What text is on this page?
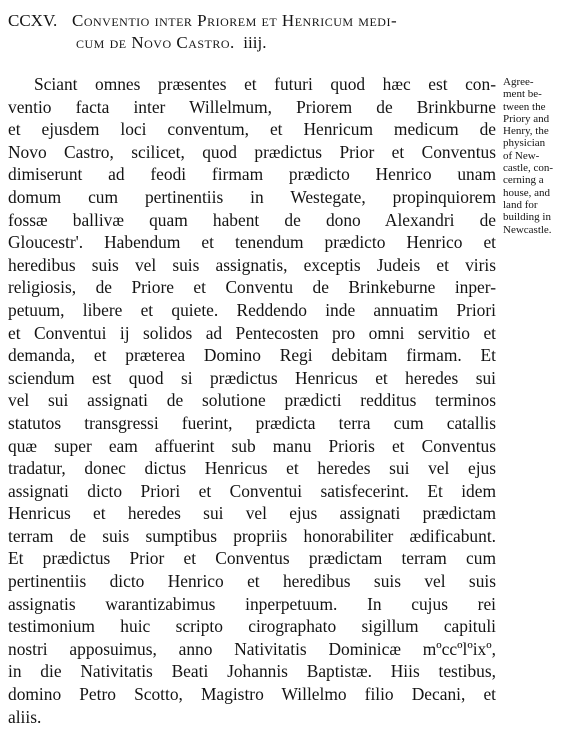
CCXV. Conventio inter Priorem et Henricum medi-
cum de Novo Castro. iiij.
Sciant omnes præsentes et futuri quod hæc est con-
ventio facta inter Willelmum, Priorem de Brinkburne
et ejusdem loci conventum, et Henricum medicum de
Novo Castro, scilicet, quod prædictus Prior et Conventus
dimiserunt ad feodi firmam prædicto Henrico unam
domum cum pertinentiis in Westegate, propinquiorem
fossæ ballivæ quam habent de dono Alexandri de
Gloucestr'. Habendum et tenendum prædicto Henrico et
heredibus suis vel suis assignatis, exceptis Judeis et viris
religiosis, de Priore et Conventu de Brinkeburne inper-
petuum, libere et quiete. Reddendo inde annuatim Priori
et Conventui ij solidos ad Pentecosten pro omni servitio et
demanda, et præterea Domino Regi debitam firmam. Et
sciendum est quod si prædictus Henricus et heredes sui
vel sui assignati de solutione prædicti redditus terminos
statutos transgressi fuerint, prædicta terra cum catallis
quæ super eam affuerint sub manu Prioris et Conventus
tradatur, donec dictus Henricus et heredes sui vel ejus
assignati dicto Priori et Conventui satisfecerint. Et idem
Henricus et heredes sui vel ejus assignati prædictam
terram de suis sumptibus propriis honorabiliter ædificabunt.
Et prædictus Prior et Conventus prædictam terram cum
pertinentiis dicto Henrico et heredibus suis vel suis
assignatis warantizabimus inperpetuum. In cujus rei
testimonium huic scripto cirographato sigillum capituli
nostri apposuimus, anno Nativitatis Dominicæ mºccºlºixº,
in die Nativitatis Beati Johannis Baptistæ. Hiis testibus,
domino Petro Scotto, Magistro Willelmo filio Decani, et
aliis.
Agree-
ment be-
tween the
Priory and
Henry, the
physician
of New-
castle, con-
cerning a
house, and
land for
building in
Newcastle.
